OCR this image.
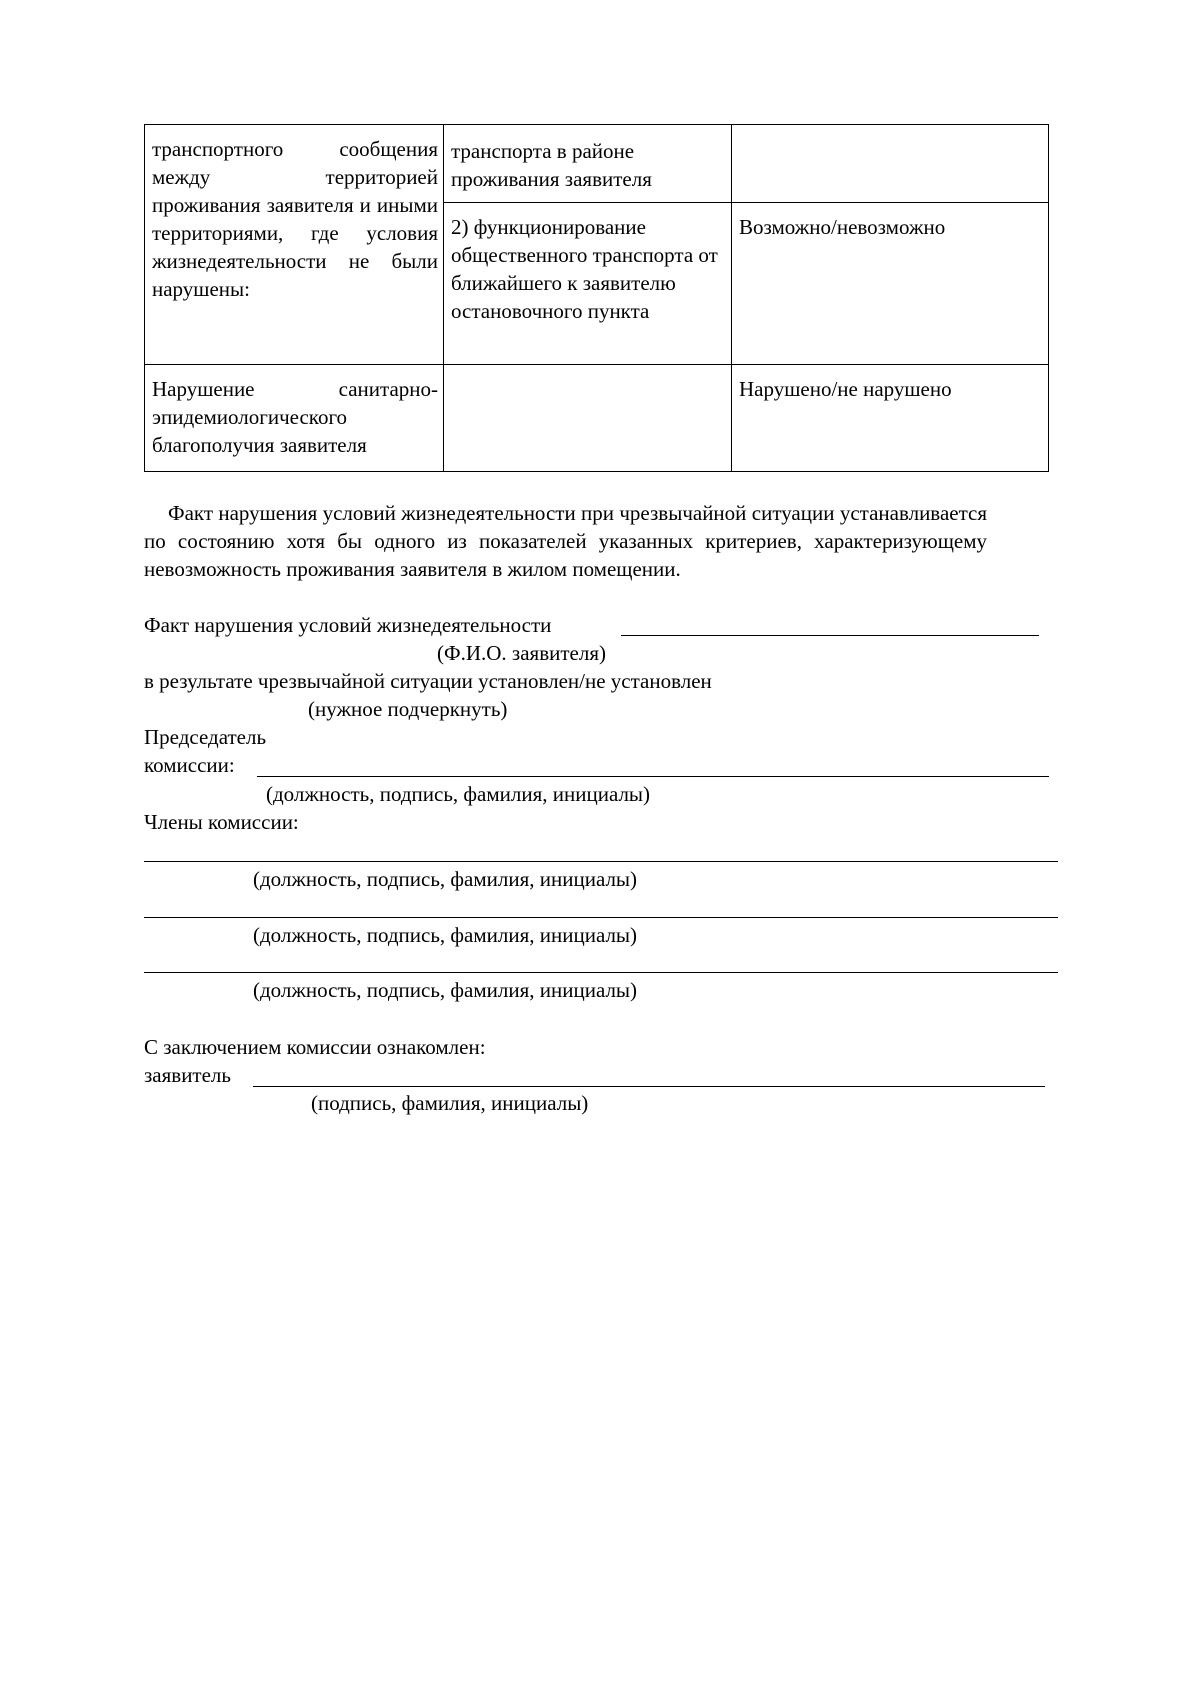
транспортного сообщения между территорией проживания заявителя и иными территориями, где условия жизнедеятельности не были нарушены:	транспорта в районе проживания заявителя	
	2) функционирование общественного транспорта от ближайшего к заявителю остановочного пункта	Возможно/невозможно
Нарушение санитарно-эпидемиологического благополучия заявителя		Нарушено/не нарушено
Факт нарушения условий жизнедеятельности при чрезвычайной ситуации устанавливается по состоянию хотя бы одного из показателей указанных критериев, характеризующему невозможность проживания заявителя в жилом помещении.
Факт нарушения условий жизнедеятельности
(Ф.И.О. заявителя)
в результате чрезвычайной ситуации установлен/не установлен
(нужное подчеркнуть)
Председатель
комиссии:
(должность, подпись, фамилия, инициалы)
Члены комиссии:
(должность, подпись, фамилия, инициалы)
(должность, подпись, фамилия, инициалы)
(должность, подпись, фамилия, инициалы)
С заключением комиссии ознакомлен:
заявитель
(подпись, фамилия, инициалы)
